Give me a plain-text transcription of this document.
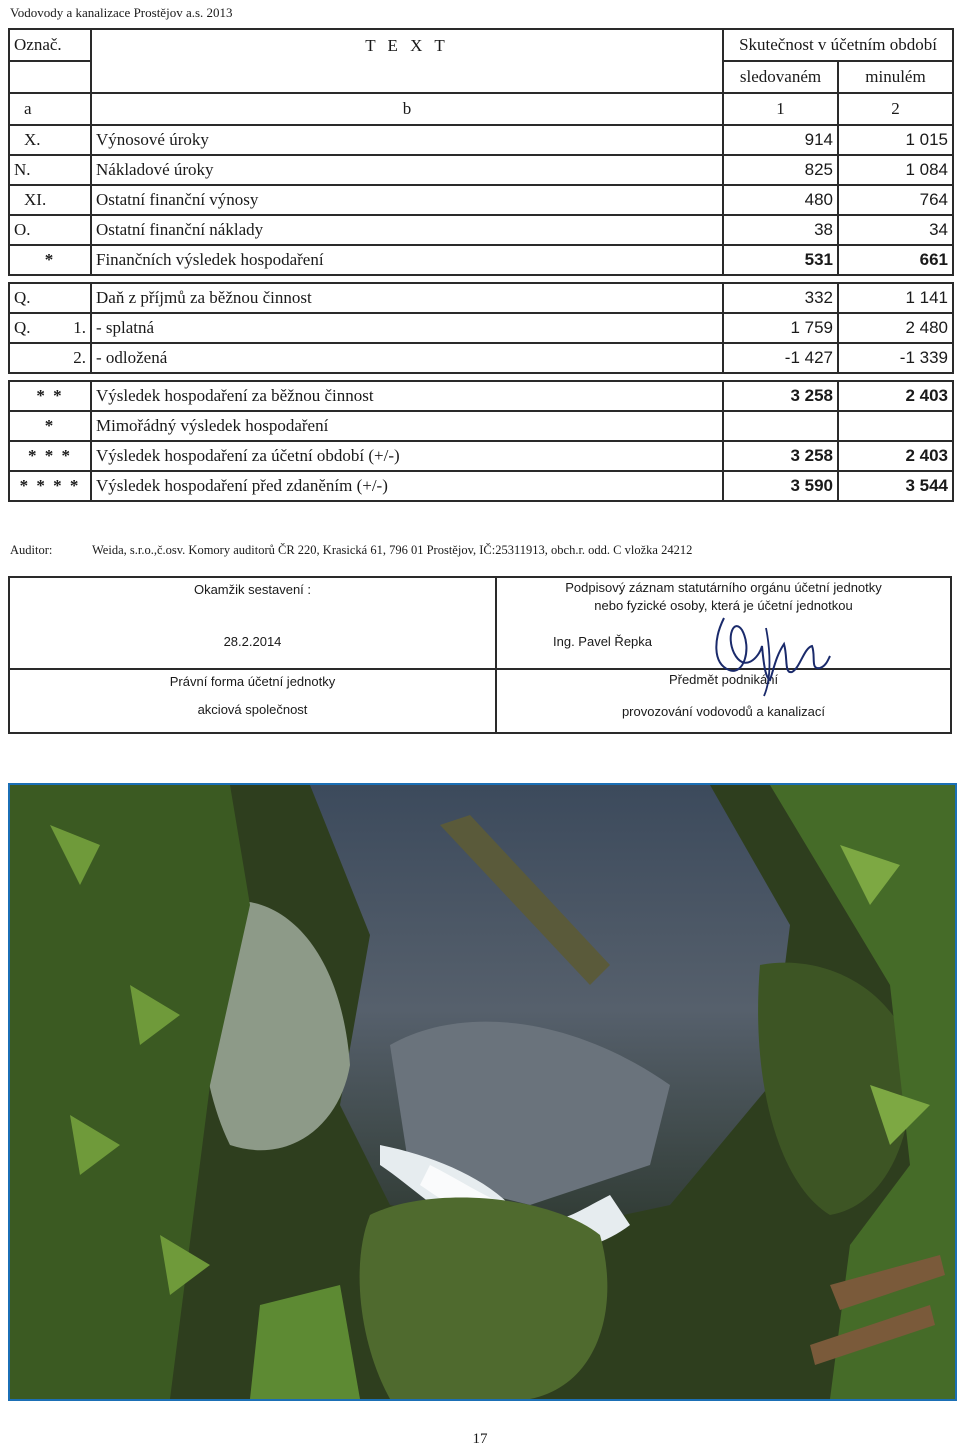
Vodovody a kanalizace Prostějov a.s. 2013
Označ.	T E X T	Skutečnost v účetním období	
		sledovaném	minulém
a	b	1	2
X.	Výnosové úroky	914	1 015
N.	Nákladové úroky	825	1 084
XI.	Ostatní finanční výnosy	480	764
O.	Ostatní finanční náklady	38	34
*	Finančních výsledek hospodaření	531	661

Q.	Daň z příjmů za běžnou činnost	332	1 141
Q. 1.	- splatná	1 759	2 480
2.	- odložená	-1 427	-1 339

* *	Výsledek hospodaření za běžnou činnost	3 258	2 403
*	Mimořádný výsledek hospodaření		
* * *	Výsledek hospodaření za účetní období (+/-)	3 258	2 403
* * * *	Výsledek hospodaření před zdaněním (+/-)	3 590	3 544
Auditor:	Weida, s.r.o.,č.osv. Komory auditorů ČR 220, Krasická 61, 796 01 Prostějov, IČ:25311913, obch.r. odd. C vložka 24212
Okamžik sestavení :
28.2.2014
Právní forma účetní jednotky
akciová společnost
Podpisový záznam statutárního orgánu účetní jednotky
nebo fyzické osoby, která je účetní jednotkou
Ing. Pavel Řepka
Předmět podnikání
provozování vodovodů a kanalizací
17
